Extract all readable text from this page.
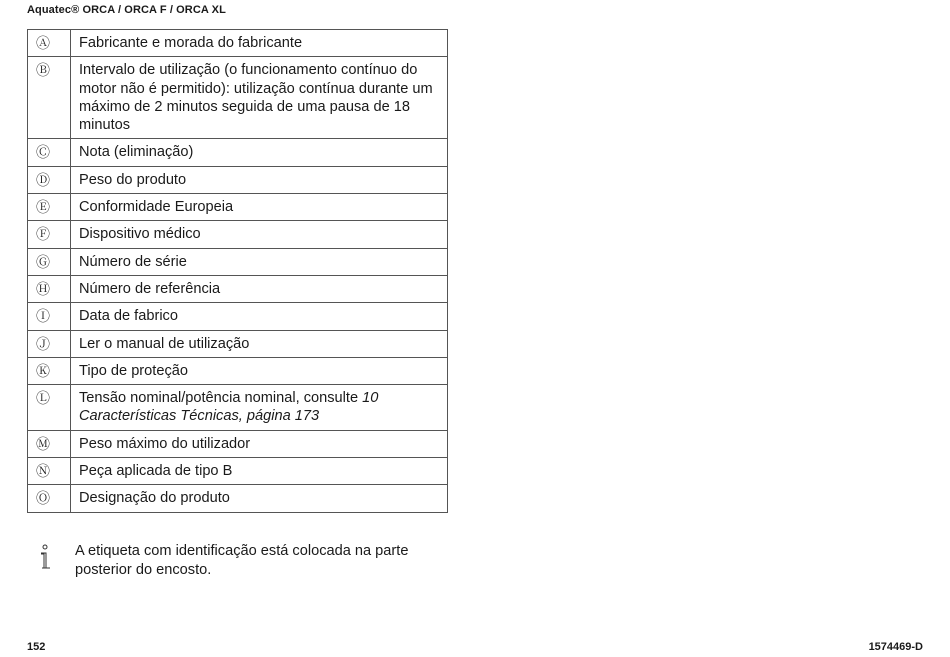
Aquatec® ORCA / ORCA F / ORCA XL
Ⓐ	Fabricante e morada do fabricante
Ⓑ	Intervalo de utilização (o funcionamento contínuo do motor não é permitido): utilização contínua durante um máximo de 2 minutos seguida de uma pausa de 18 minutos
Ⓒ	Nota (eliminação)
Ⓓ	Peso do produto
Ⓔ	Conformidade Europeia
Ⓕ	Dispositivo médico
Ⓖ	Número de série
Ⓗ	Número de referência
Ⓘ	Data de fabrico
Ⓙ	Ler o manual de utilização
Ⓚ	Tipo de proteção
Ⓛ	Tensão nominal/potência nominal, consulte 10 Características Técnicas, página 173
Ⓜ	Peso máximo do utilizador
Ⓝ	Peça aplicada de tipo B
Ⓞ	Designação do produto
A etiqueta com identificação está colocada na parte posterior do encosto.
152	1574469-D
